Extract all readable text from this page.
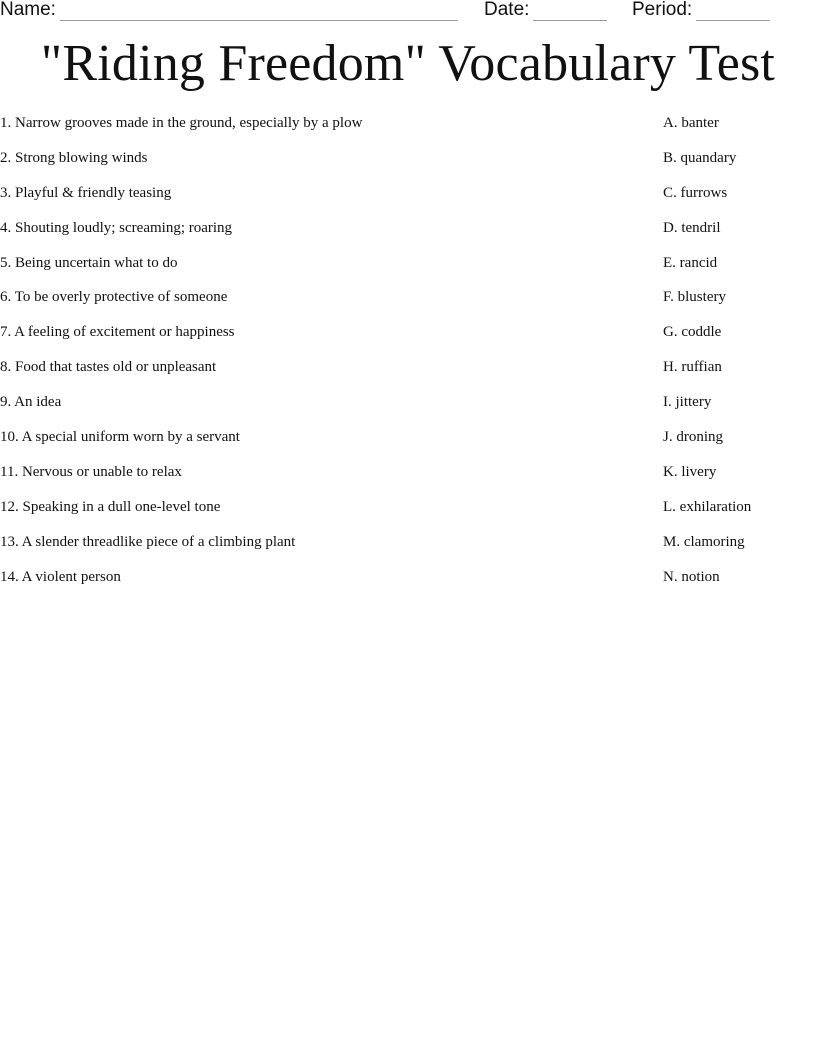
Name:	Date:	Period:
"Riding Freedom" Vocabulary Test
1. Narrow grooves made in the ground, especially by a plow
2. Strong blowing winds
3. Playful & friendly teasing
4. Shouting loudly; screaming; roaring
5. Being uncertain what to do
6. To be overly protective of someone
7. A feeling of excitement or happiness
8. Food that tastes old or unpleasant
9. An idea
10. A special uniform worn by a servant
11. Nervous or unable to relax
12. Speaking in a dull one-level tone
13. A slender threadlike piece of a climbing plant
14. A violent person
A. banter
B. quandary
C. furrows
D. tendril
E. rancid
F. blustery
G. coddle
H. ruffian
I. jittery
J. droning
K. livery
L. exhilaration
M. clamoring
N. notion
